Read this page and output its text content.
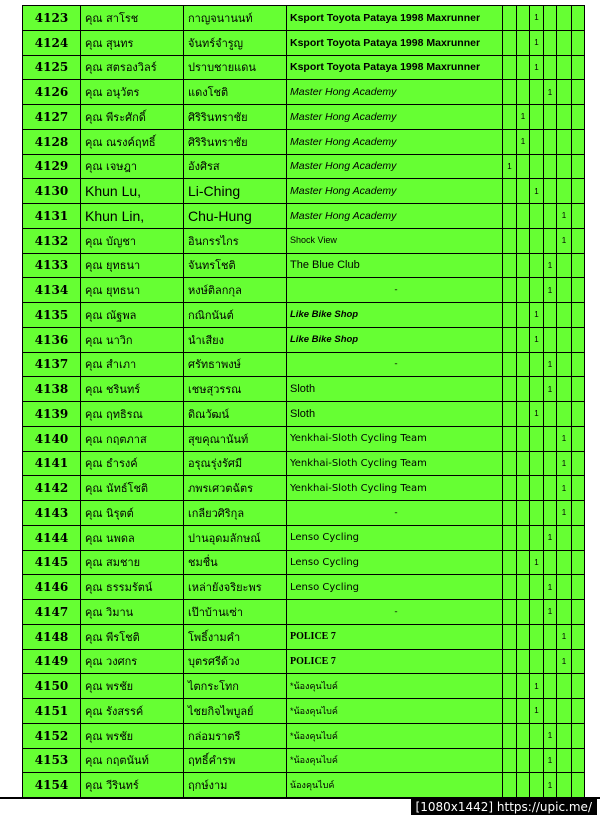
4123	คุณ สาโรช	กาญจนานนท์	Ksport Toyota Pataya 1998 Maxrunner			1			
4124	คุณ สุนทร	จันทร์จำรูญ	Ksport Toyota Pataya 1998 Maxrunner			1			
4125	คุณ สตรองวิลร์	ปราบชายแดน	Ksport Toyota Pataya 1998 Maxrunner			1			
4126	คุณ อนุวัตร	แดงโชติ	Master Hong Academy				1		
4127	คุณ พีระศักดิ์	ศิริรินทราชัย	Master Hong Academy		1				
4128	คุณ ณรงค์ฤทธิ์	ศิริรินทราชัย	Master Hong Academy		1				
4129	คุณ เจษฎา	อังศิรส	Master Hong Academy	1					
4130	Khun Lu,	Li-Ching	Master Hong Academy			1			
4131	Khun Lin,	Chu-Hung	Master Hong Academy					1	
4132	คุณ บัญชา	อินกรรไกร	Shock View					1	
4133	คุณ ยุทธนา	จันทรโชติ	The Blue Club				1		
4134	คุณ ยุทธนา	หงษ์ติลกกุล	-				1		
4135	คุณ ณัฐพล	กณิกนันต์	Like Bike Shop			1			
4136	คุณ นาวิก	นำเสียง	Like Bike Shop			1			
4137	คุณ สำเภา	ศรัทธาพงษ์	-				1		
4138	คุณ ชรินทร์	เชษสุวรรณ	Sloth				1		
4139	คุณ ฤทธิรณ	ดิณวัฒน์	Sloth			1			
4140	คุณ กฤตภาส	สุขคุณานันท์	Yenkhai-Sloth Cycling Team					1	
4141	คุณ ธำรงค์	อรุณรุ่งรัศมี	Yenkhai-Sloth Cycling Team					1	
4142	คุณ นัทธ์โชติ	ภพรเศวตฉัตร	Yenkhai-Sloth Cycling Team					1	
4143	คุณ นิรุตต์	เกลียวศิริกุล	-					1	
4144	คุณ นพดล	ปานอุดมลักษณ์	Lenso Cycling				1		
4145	คุณ สมชาย	ชมชื่น	Lenso Cycling			1			
4146	คุณ ธรรมรัตน์	เหล่ายังจริยะพร	Lenso Cycling				1		
4147	คุณ วิมาน	เป๊าบ้านเซ่า	-				1		
4148	คุณ พีรโชติ	โพธิ์งามคำ	POLICE 7					1	
4149	คุณ วงศกร	บุตรศรีด้วง	POLICE 7					1	
4150	คุณ พรชัย	ไตกระโทก	*น้องคุนไบค์			1			
4151	คุณ รังสรรค์	ไชยกิจไพบูลย์	*น้องคุนไบค์			1			
4152	คุณ พรชัย	กล่อมราตรี	*น้องคุนไบค์				1		
4153	คุณ กฤตนันท์	ฤทธิ์คำรพ	*น้องคุนไบค์				1		
4154	คุณ วีรินทร์	ฤกษ์งาม	น้องคุนไบค์				1		
[1080x1442] https://upic.me/
